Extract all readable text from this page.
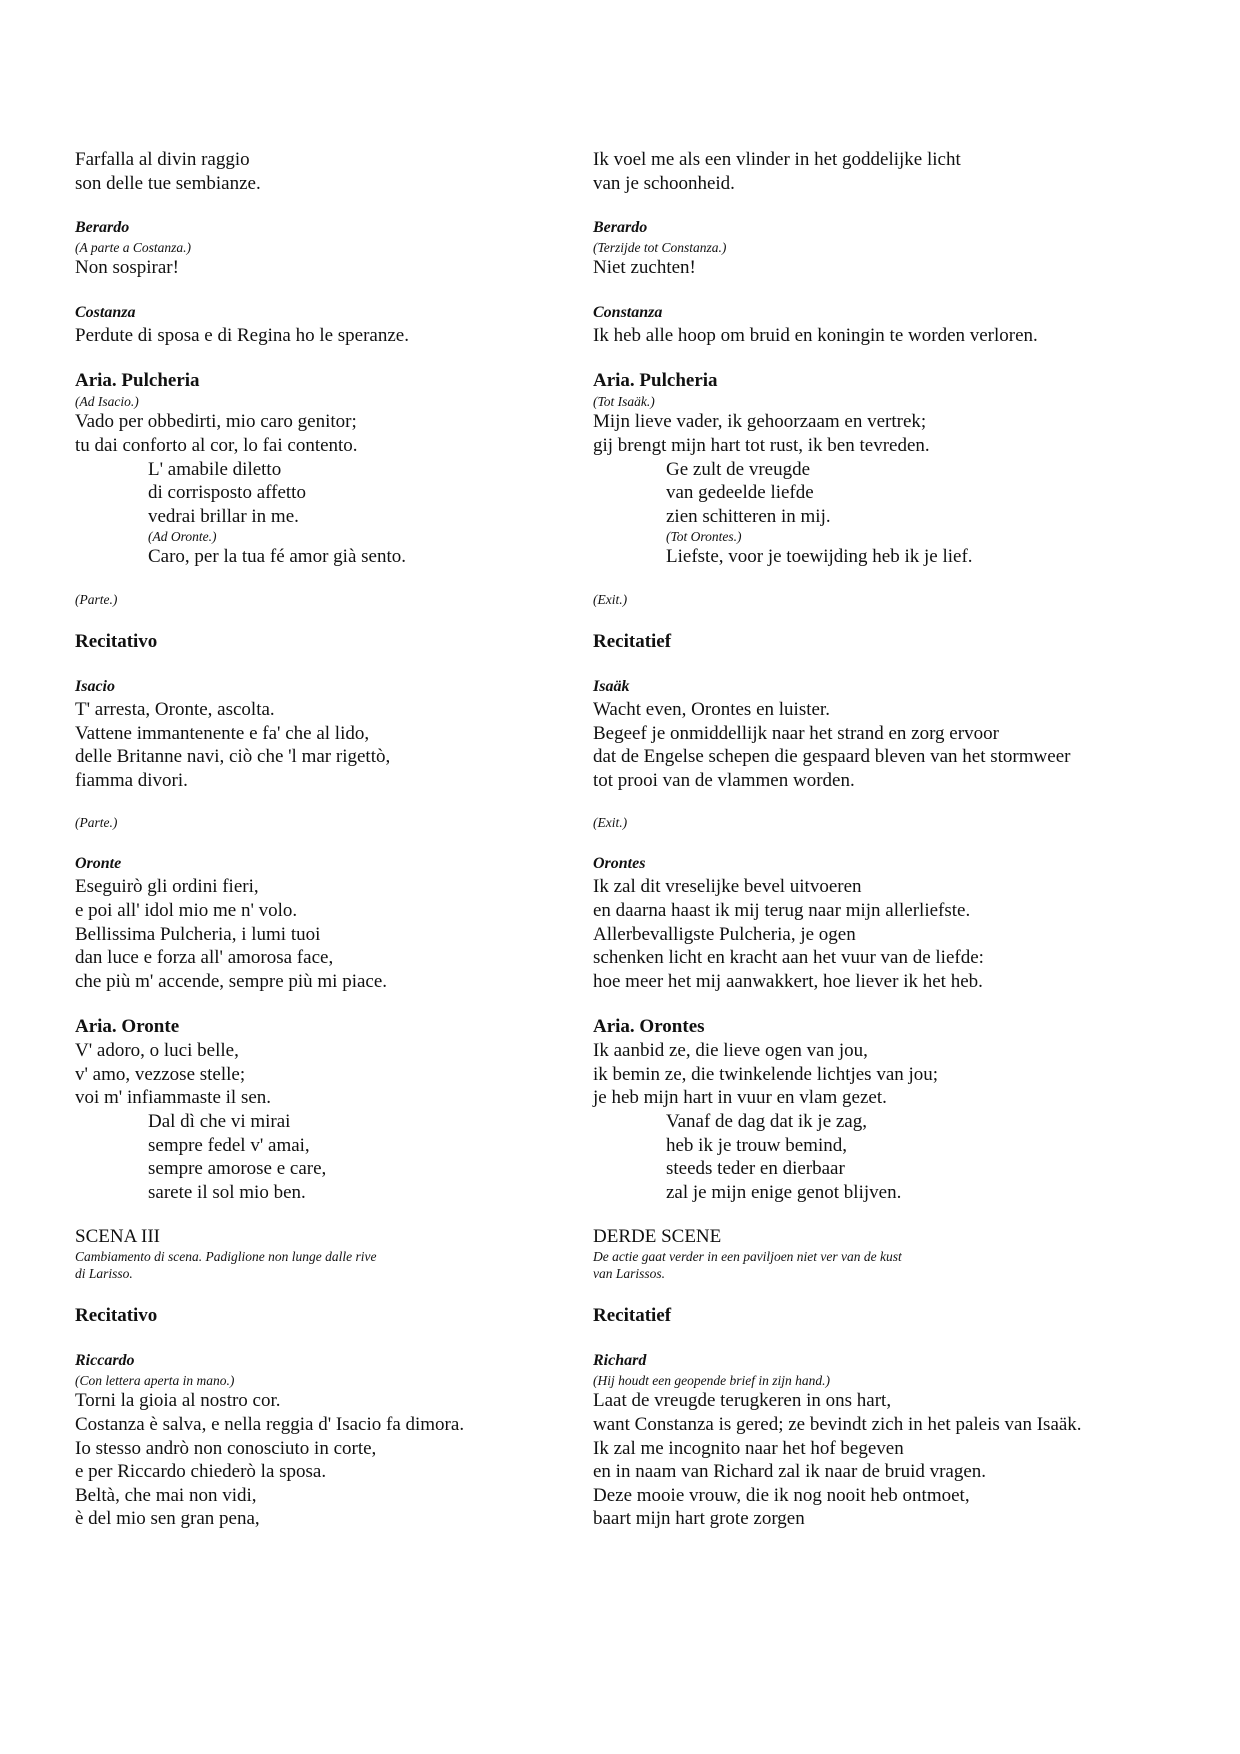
Farfalla al divin raggio
son delle tue sembianze.
Berardo
(A parte a Costanza.)
Non sospirar!
Costanza
Perdute di sposa e di Regina ho le speranze.
Aria. Pulcheria
(Ad Isacio.)
Vado per obbedirti, mio caro genitor;
tu dai conforto al cor, lo fai contento.
L' amabile diletto
di corrisposto affetto
vedrai brillar in me.
(Ad Oronte.)
Caro, per la tua fé amor già sento.
(Parte.)
Recitativo
Isacio
T' arresta, Oronte, ascolta.
Vattene immantenente e fa' che al lido,
delle Britanne navi, ciò che 'l mar rigettò,
fiamma divori.
(Parte.)
Oronte
Eseguirò gli ordini fieri,
e poi all' idol mio me n' volo.
Bellissima Pulcheria, i lumi tuoi
dan luce e forza all' amorosa face,
che più m' accende, sempre più mi piace.
Aria. Oronte
V' adoro, o luci belle,
v' amo, vezzose stelle;
voi m' infiammaste il sen.
Dal dì che vi mirai
sempre fedel v' amai,
sempre amorose e care,
sarete il sol mio ben.
SCENA III
Cambiamento di scena. Padiglione non lunge dalle rive
di Larisso.
Recitativo
Riccardo
(Con lettera aperta in mano.)
Torni la gioia al nostro cor.
Costanza è salva, e nella reggia d' Isacio fa dimora.
Io stesso andrò non conosciuto in corte,
e per Riccardo chiederò la sposa.
Beltà, che mai non vidi,
è del mio sen gran pena,
Ik voel me als een vlinder in het goddelijke licht
van je schoonheid.
Berardo
(Terzijde tot Constanza.)
Niet zuchten!
Constanza
Ik heb alle hoop om bruid en koningin te worden verloren.
Aria. Pulcheria
(Tot Isaäk.)
Mijn lieve vader, ik gehoorzaam en vertrek;
gij brengt mijn hart tot rust, ik ben tevreden.
Ge zult de vreugde
van gedeelde liefde
zien schitteren in mij.
(Tot Orontes.)
Liefste, voor je toewijding heb ik je lief.
(Exit.)
Recitatief
Isaäk
Wacht even, Orontes en luister.
Begeef je onmiddellijk naar het strand en zorg ervoor
dat de Engelse schepen die gespaard bleven van het stormweer
tot prooi van de vlammen worden.
(Exit.)
Orontes
Ik zal dit vreselijke bevel uitvoeren
en daarna haast ik mij terug naar mijn allerliefste.
Allerbevalligste Pulcheria, je ogen
schenken licht en kracht aan het vuur van de liefde:
hoe meer het mij aanwakkert, hoe liever ik het heb.
Aria. Orontes
Ik aanbid ze, die lieve ogen van jou,
ik bemin ze, die twinkelende lichtjes van jou;
je heb mijn hart in vuur en vlam gezet.
Vanaf de dag dat ik je zag,
heb ik je trouw bemind,
steeds teder en dierbaar
zal je mijn enige genot blijven.
DERDE SCENE
De actie gaat verder in een paviljoen niet ver van de kust
van Larissos.
Recitatief
Richard
(Hij houdt een geopende brief in zijn hand.)
Laat de vreugde terugkeren in ons hart,
want Constanza is gered; ze bevindt zich in het paleis van Isaäk.
Ik zal me incognito naar het hof begeven
en in naam van Richard zal ik naar de bruid vragen.
Deze mooie vrouw, die ik nog nooit heb ontmoet,
baart mijn hart grote zorgen
